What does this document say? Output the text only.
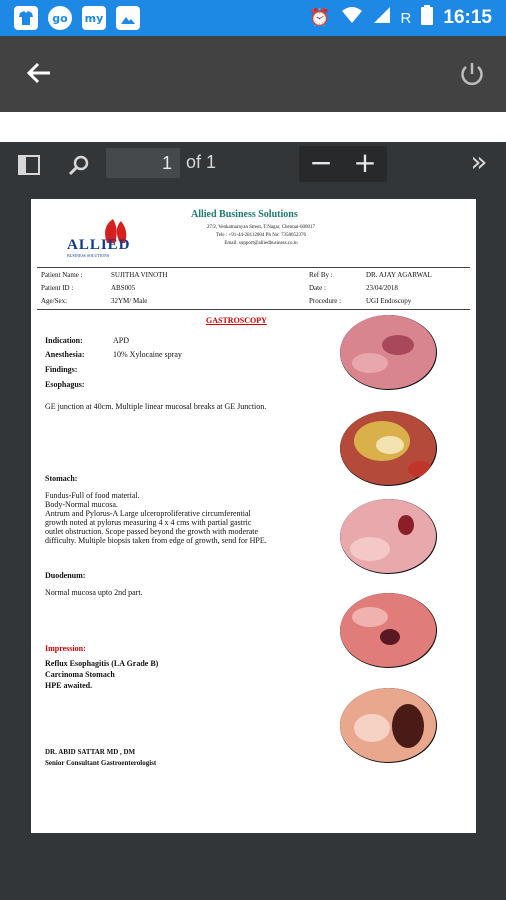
go	my	⏰	R 16:15
1 of 1	− +	»
ALLIED
BUSINESS SOLUTIONS
Allied Business Solutions
27/2, Venkatnarayan Street, T.Nagar, Chennai-600017
Tele : +91-44-28112004 Ph No: 7358052376
Email: support@alliedbusiness.co.in
Patient Name :	SUJITHA VINOTH
Patient ID :	ABS005
Age/Sex:	32YM/ Male
Ref By :	DR. AJAY AGARWAL
Date :	23/04/2018
Procedure :	UGI Endoscopy
GASTROSCOPY
Indication:	APD
Anesthesia:	10% Xylocaine spray
Findings:
Esophagus:
GE junction at 40cm. Multiple linear mucosal breaks at GE Junction.
Stomach:
Fundus-Full of food material.
Body-Normal mucosa.
Antrum and Pylorus-A Large ulceroproliferative circumferential
growth noted at pylorus measuring 4 x 4 cms with partial gastric
outlet obstruction. Scope passed beyond the growth with moderate
difficulty. Multiple biopsis taken from edge of growth, send for HPE.
Duodenum:
Normal mucosa upto 2nd part.
Impression:
Reflux Esophagitis (LA Grade B)
Carcinoma Stomach
HPE awaited.
DR. ABID SATTAR MD , DM
Senior Consultant Gastroenterologist
